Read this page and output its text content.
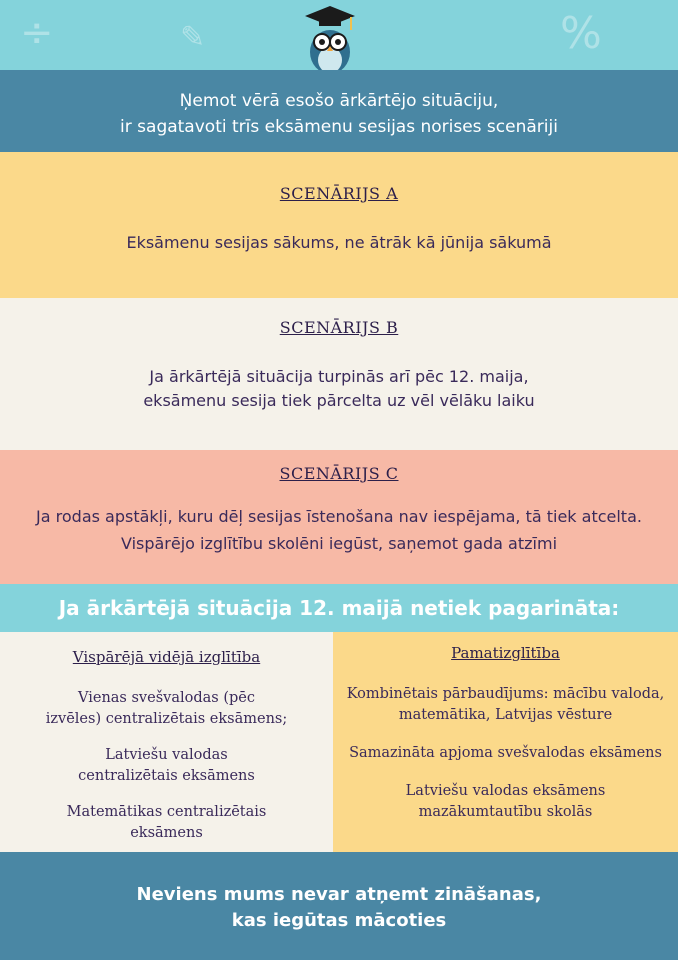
÷	%
✎
Ņemot vērā esošo ārkārtējo situāciju,
ir sagatavoti trīs eksāmenu sesijas norises scenāriji
SCENĀRIJS A
Eksāmenu sesijas sākums, ne ātrāk kā jūnija sākumā
SCENĀRIJS B
Ja ārkārtējā situācija turpinās arī pēc 12. maija,
eksāmenu sesija tiek pārcelta uz vēl vēlāku laiku
SCENĀRIJS C
Ja rodas apstākļi, kuru dēļ sesijas īstenošana nav iespējama, tā tiek atcelta.
Vispārējo izglītību skolēni iegūst, saņemot gada atzīmi
Ja ārkārtējā situācija 12. maijā netiek pagarināta:
Vispārējā vidējā izglītība
Vienas svešvalodas (pēc
izvēles) centralizētais eksāmens;
Latviešu valodas
centralizētais eksāmens
Matemātikas centralizētais
eksāmens
Pamatizglītība
Kombinētais pārbaudījums: mācību valoda,
matemātika, Latvijas vēsture
Samazināta apjoma svešvalodas eksāmens
Latviešu valodas eksāmens
mazākumtautību skolās
Neviens mums nevar atņemt zināšanas,
kas iegūtas mācoties
